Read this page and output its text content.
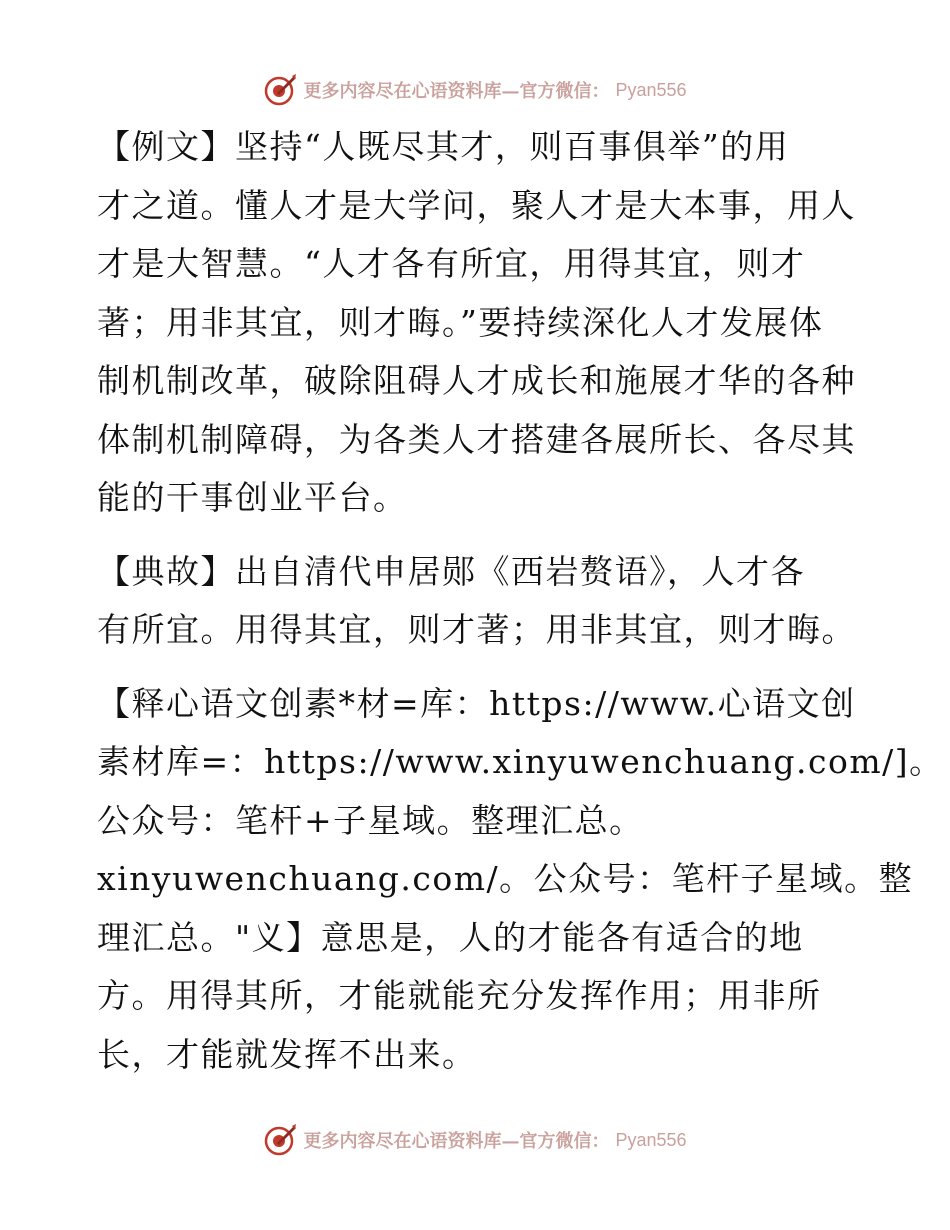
更多内容尽在心语资料库—官方微信： Pyan556

【例文】坚持“人既尽其才，则百事俱举”的用
才之道。懂人才是大学问，聚人才是大本事，用人
才是大智慧。“人才各有所宜，用得其宜，则才
著；用非其宜，则才晦。”要持续深化人才发展体
制机制改革，破除阻碍人才成长和施展才华的各种
体制机制障碍，为各类人才搭建各展所长、各尽其
能的干事创业平台。

【典故】出自清代申居郧《西岩赘语》，人才各
有所宜。用得其宜，则才著；用非其宜，则才晦。

【释心语文创素*材=库：https://www.心语文创
素材库=：https://www.xinyuwenchuang.com/]。
公众号：笔杆+子星域。整理汇总。
xinyuwenchuang.com/。公众号：笔杆子星域。整
理汇总。"义】意思是，人的才能各有适合的地
方。用得其所，才能就能充分发挥作用；用非所
长，才能就发挥不出来。

更多内容尽在心语资料库—官方微信： Pyan556
